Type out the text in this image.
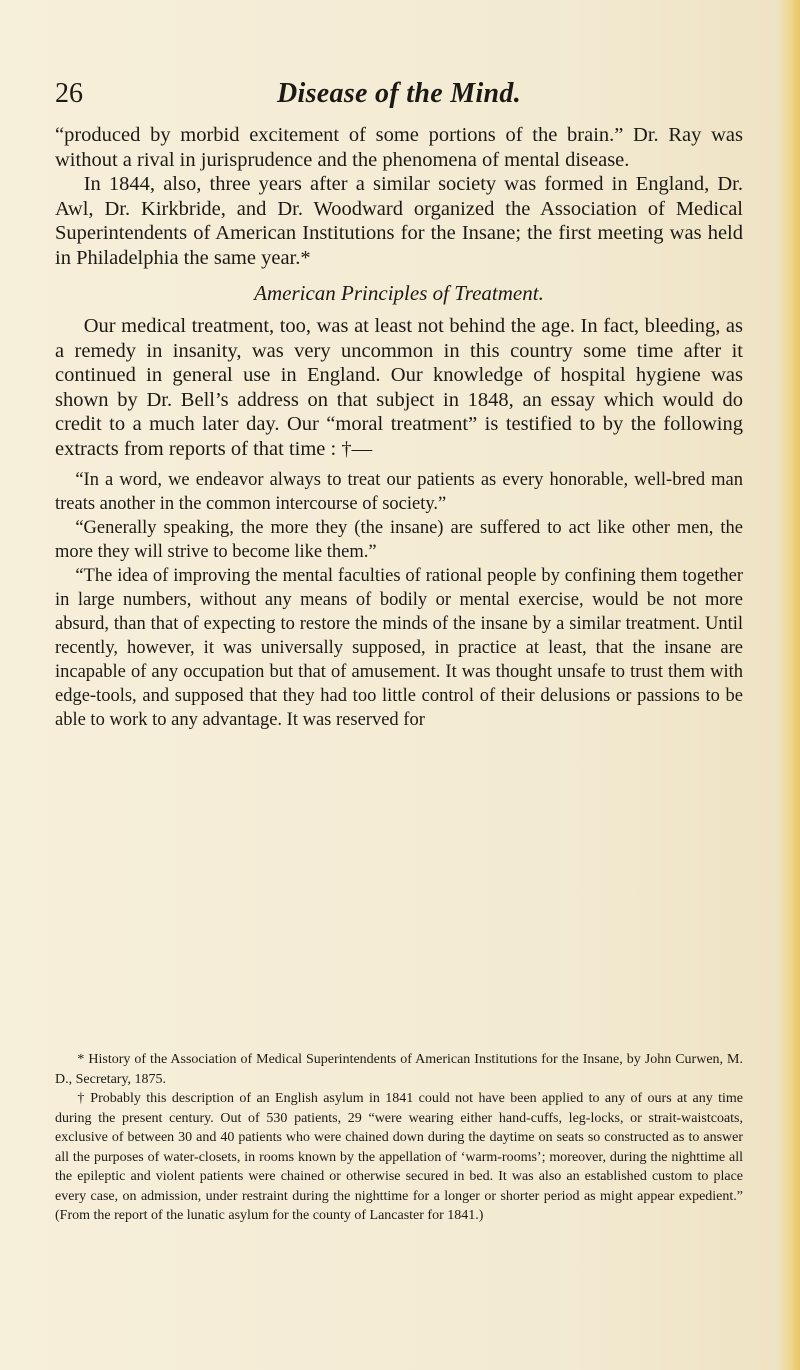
26	Disease of the Mind.

“produced by morbid excitement of some portions of the brain.” Dr. Ray was without a rival in jurisprudence and the phenomena of mental disease.

In 1844, also, three years after a similar society was formed in England, Dr. Awl, Dr. Kirkbride, and Dr. Woodward organized the Association of Medical Superintendents of American Institutions for the Insane; the first meeting was held in Philadelphia the same year.*

American Principles of Treatment.

Our medical treatment, too, was at least not behind the age. In fact, bleeding, as a remedy in insanity, was very uncommon in this country some time after it continued in general use in England. Our knowledge of hospital hygiene was shown by Dr. Bell’s address on that subject in 1848, an essay which would do credit to a much later day. Our “moral treatment” is testified to by the following extracts from reports of that time : †—

“In a word, we endeavor always to treat our patients as every honorable, well-bred man treats another in the common intercourse of society.”

“Generally speaking, the more they (the insane) are suffered to act like other men, the more they will strive to become like them.”

“The idea of improving the mental faculties of rational people by confining them together in large numbers, without any means of bodily or mental exercise, would be not more absurd, than that of expecting to restore the minds of the insane by a similar treatment. Until recently, however, it was universally supposed, in practice at least, that the insane are incapable of any occupation but that of amusement. It was thought unsafe to trust them with edge-tools, and supposed that they had too little control of their delusions or passions to be able to work to any advantage. It was reserved for

* History of the Association of Medical Superintendents of American Institutions for the Insane, by John Curwen, M. D., Secretary, 1875.

† Probably this description of an English asylum in 1841 could not have been applied to any of ours at any time during the present century. Out of 530 patients, 29 “were wearing either hand-cuffs, leg-locks, or strait-waistcoats, exclusive of between 30 and 40 patients who were chained down during the daytime on seats so constructed as to answer all the purposes of water-closets, in rooms known by the appellation of ‘warm-rooms’; moreover, during the nighttime all the epileptic and violent patients were chained or otherwise secured in bed. It was also an established custom to place every case, on admission, under restraint during the nighttime for a longer or shorter period as might appear expedient.” (From the report of the lunatic asylum for the county of Lancaster for 1841.)
